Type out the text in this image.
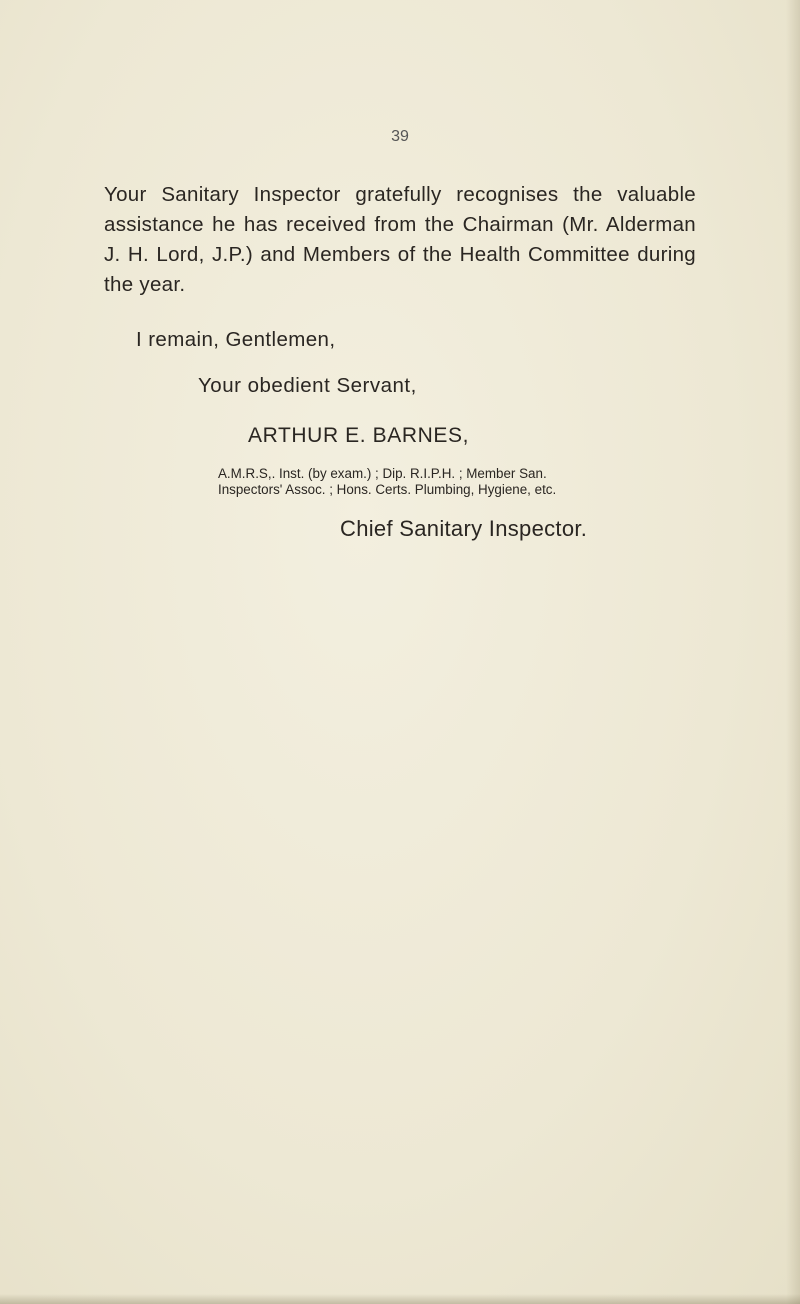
39

Your Sanitary Inspector gratefully recognises the valuable assistance he has received from the Chairman (Mr. Alderman J. H. Lord, J.P.) and Members of the Health Committee during the year.

I remain, Gentlemen,

Your obedient Servant,

ARTHUR E. BARNES,

A.M.R.S,. Inst. (by exam.) ; Dip. R.I.P.H. ; Member San.
Inspectors' Assoc. ; Hons. Certs. Plumbing, Hygiene, etc.

Chief Sanitary Inspector.
